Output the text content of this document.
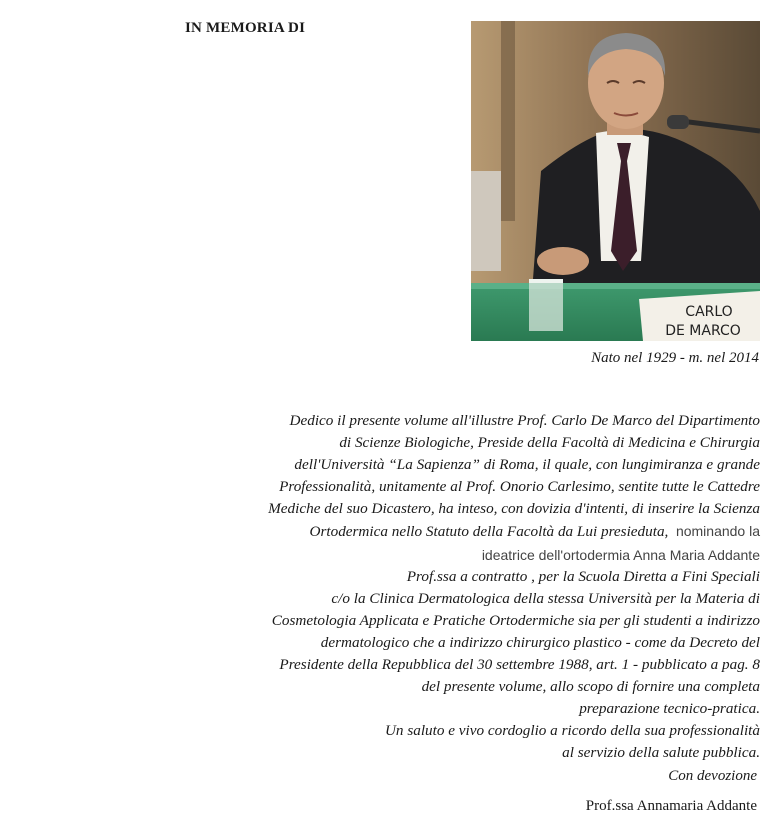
IN MEMORIA DI
CARLO
DE MARCO
Nato nel 1929 - m. nel 2014
Dedico il presente volume all'illustre Prof. Carlo De Marco del Dipartimento
di Scienze Biologiche, Preside della Facoltà di Medicina e Chirurgia
dell'Università “La Sapienza” di Roma, il quale, con lungimiranza e grande
Professionalità, unitamente al Prof. Onorio Carlesimo, sentite tutte le Cattedre
Mediche del suo Dicastero, ha inteso, con dovizia d'intenti, di inserire la Scienza
Ortodermica nello Statuto della Facoltà da Lui presieduta, nominando la
ideatrice dell'ortodermia Anna Maria Addante
Prof.ssa a contratto , per la Scuola Diretta a Fini Speciali
c/o la Clinica Dermatologica della stessa Università per la Materia di
Cosmetologia Applicata e Pratiche Ortodermiche sia per gli studenti a indirizzo
dermatologico che a indirizzo chirurgico plastico - come da Decreto del
Presidente della Repubblica del 30 settembre 1988, art. 1 - pubblicato a pag. 8
del presente volume, allo scopo di fornire una completa
preparazione tecnico-pratica.
Un saluto e vivo cordoglio a ricordo della sua professionalità
al servizio della salute pubblica.
Con devozione
Prof.ssa Annamaria Addante
